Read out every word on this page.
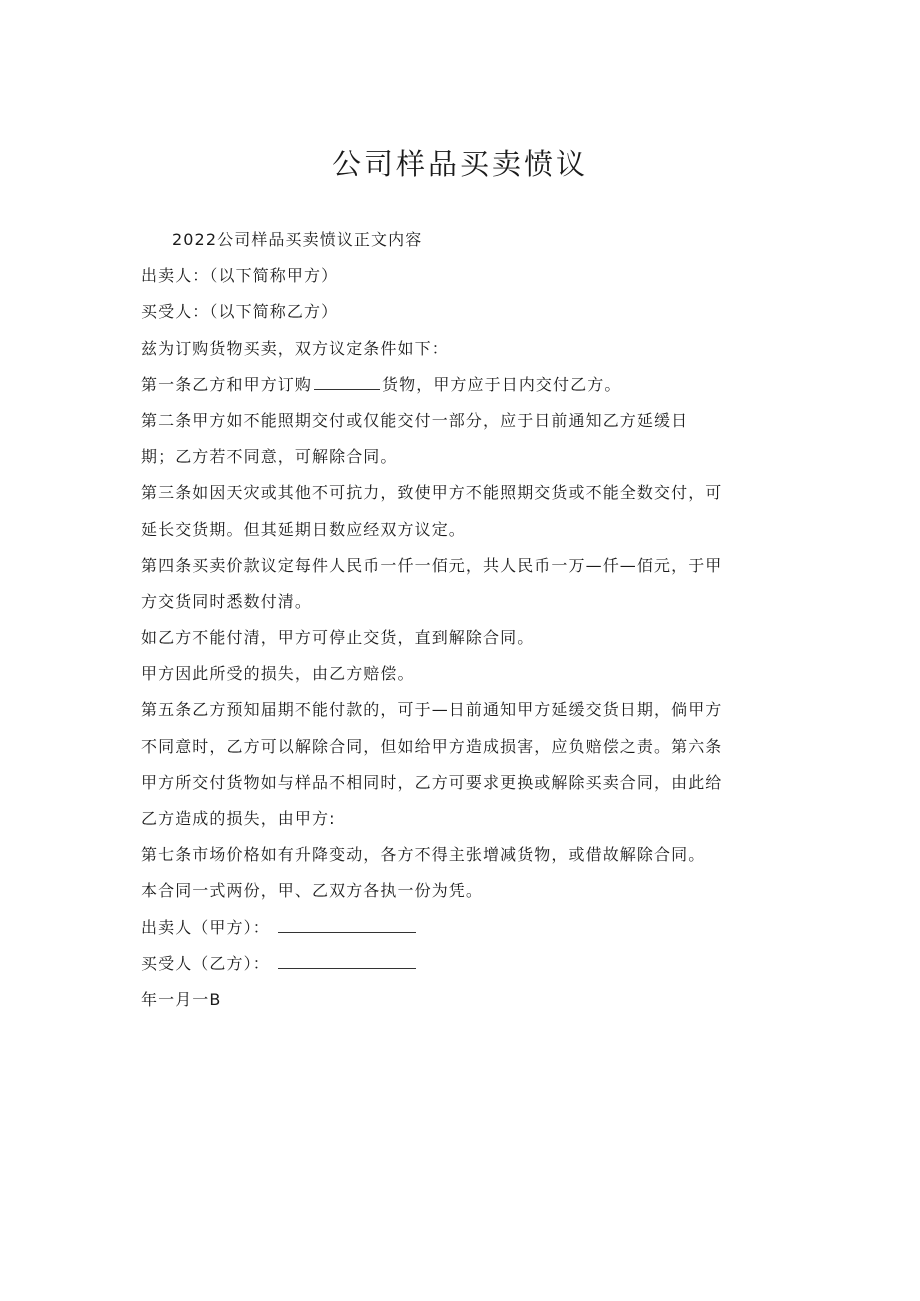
公司样品买卖愤议
2022公司样品买卖愤议正文内容
出卖人：（以下简称甲方）
买受人：（以下简称乙方）
兹为订购货物买卖，双方议定条件如下：
第一条乙方和甲方订购	货物，甲方应于日内交付乙方。
第二条甲方如不能照期交付或仅能交付一部分，应于日前通知乙方延缓日
期；乙方若不同意，可解除合同。
第三条如因天灾或其他不可抗力，致使甲方不能照期交货或不能全数交付，可
延长交货期。但其延期日数应经双方议定。
第四条买卖价款议定每件人民币一仟一佰元，共人民币一万—仟—佰元，于甲
方交货同时悉数付清。
如乙方不能付清，甲方可停止交货，直到解除合同。
甲方因此所受的损失，由乙方赔偿。
第五条乙方预知届期不能付款的，可于—日前通知甲方延缓交货日期，倘甲方
不同意时，乙方可以解除合同，但如给甲方造成损害，应负赔偿之责。第六条
甲方所交付货物如与样品不相同时，乙方可要求更换或解除买卖合同，由此给
乙方造成的损失，由甲方:
第七条市场价格如有升降变动，各方不得主张增减货物，或借故解除合同。
本合同一式两份，甲、乙双方各执一份为凭。
出卖人（甲方）：
买受人（乙方）：
年一月一B
